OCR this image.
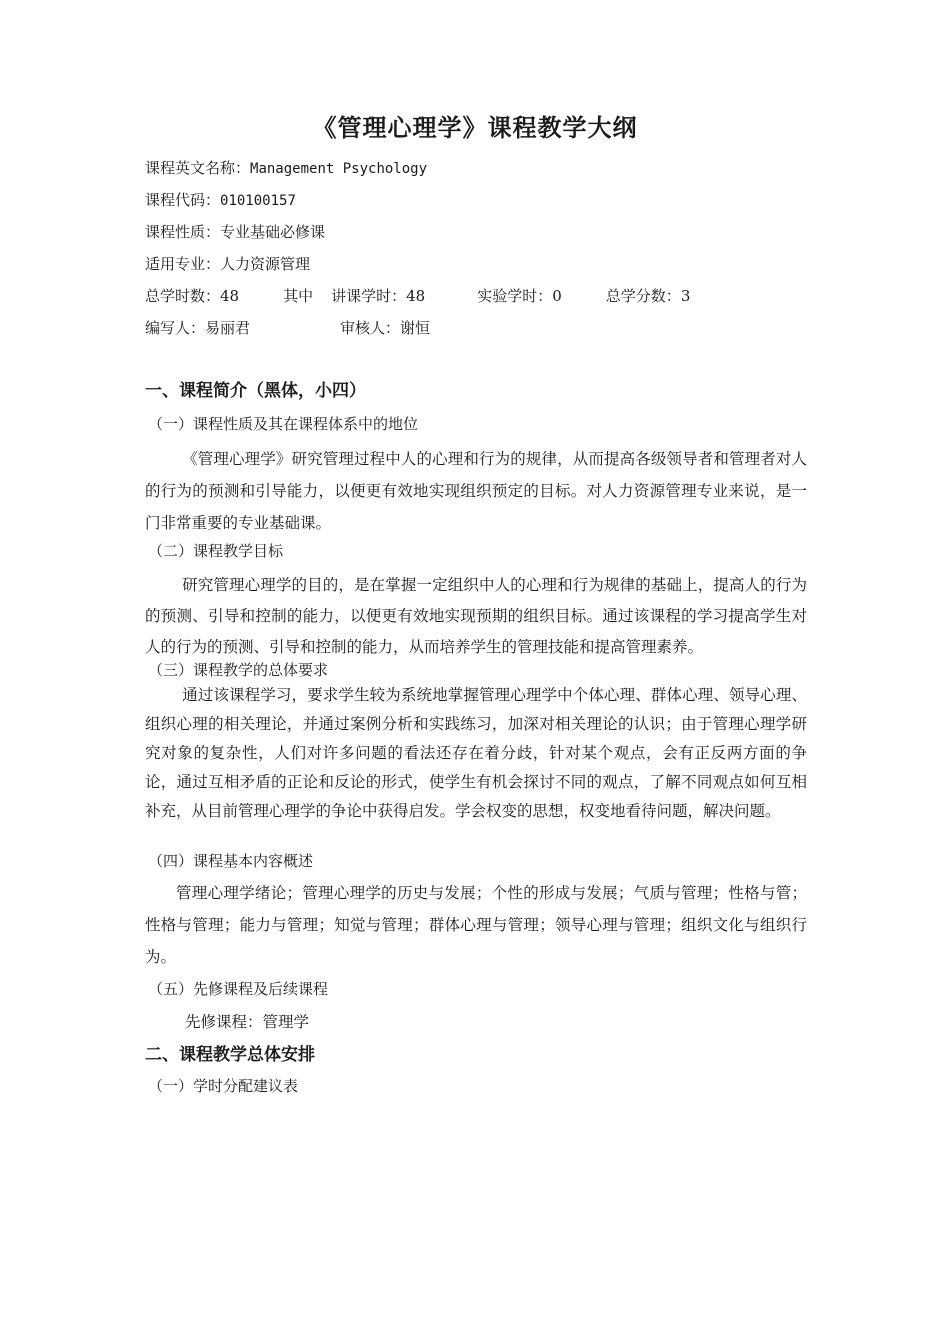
《管理心理学》课程教学大纲
课程英文名称：Management Psychology
课程代码：010100157
课程性质：专业基础必修课
适用专业：人力资源管理
总学时数：48	其中 讲课学时：48	实验学时：0	总学分数：3
编写人：易丽君	审核人：谢恒
一、课程简介（黑体，小四）
（一）课程性质及其在课程体系中的地位

《管理心理学》研究管理过程中人的心理和行为的规律，从而提高各级领导者和管理者对人的行为的预测和引导能力，以便更有效地实现组织预定的目标。对人力资源管理专业来说，是一门非常重要的专业基础课。

（二）课程教学目标

研究管理心理学的目的，是在掌握一定组织中人的心理和行为规律的基础上，提高人的行为的预测、引导和控制的能力，以便更有效地实现预期的组织目标。通过该课程的学习提高学生对人的行为的预测、引导和控制的能力，从而培养学生的管理技能和提高管理素养。

（三）课程教学的总体要求

通过该课程学习，要求学生较为系统地掌握管理心理学中个体心理、群体心理、领导心理、组织心理的相关理论，并通过案例分析和实践练习，加深对相关理论的认识；由于管理心理学研究对象的复杂性，人们对许多问题的看法还存在着分歧，针对某个观点，会有正反两方面的争论，通过互相矛盾的正论和反论的形式，使学生有机会探讨不同的观点，了解不同观点如何互相补充，从目前管理心理学的争论中获得启发。学会权变的思想，权变地看待问题，解决问题。

（四）课程基本内容概述

管理心理学绪论；管理心理学的历史与发展；个性的形成与发展；气质与管理；性格与管；性格与管理；能力与管理；知觉与管理；群体心理与管理；领导心理与管理；组织文化与组织行为。

（五）先修课程及后续课程
先修课程：管理学
二、课程教学总体安排
（一）学时分配建议表
